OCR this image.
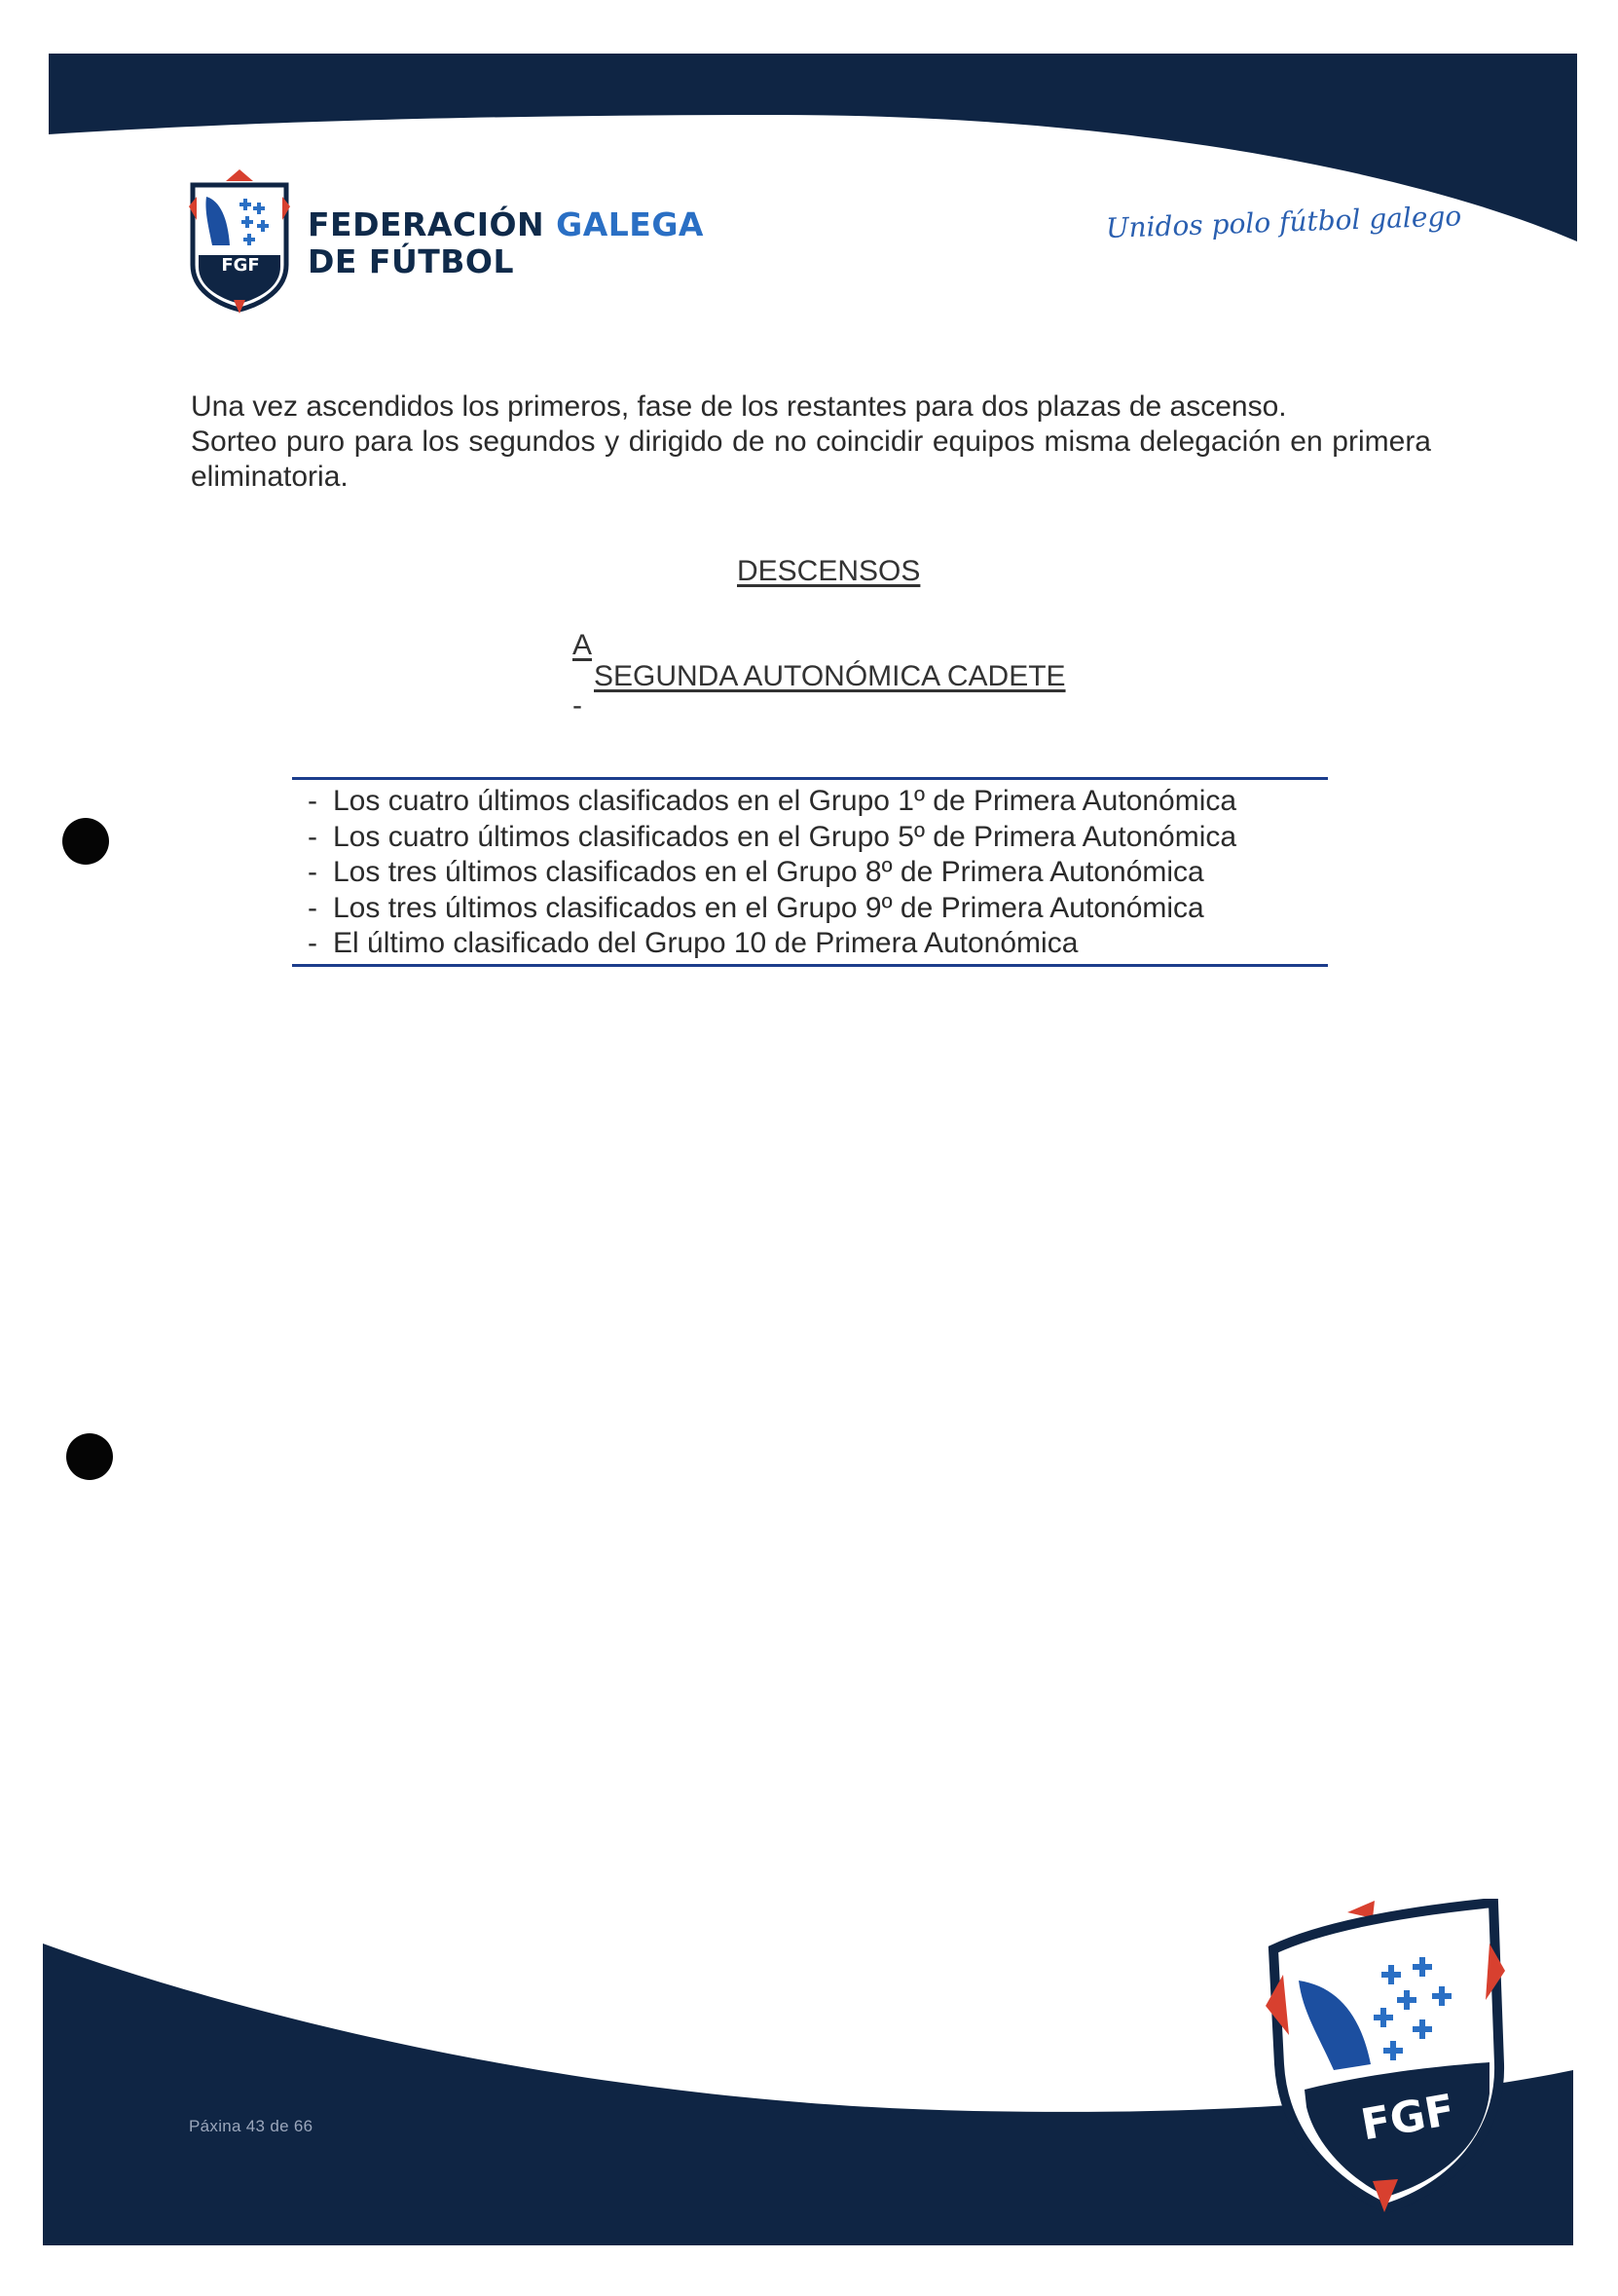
FGF
FEDERACIÓN GALEGA
DE FÚTBOL
Unidos polo fútbol galego

Una vez ascendidos los primeros, fase de los restantes para dos plazas de ascenso.

Sorteo puro para los segundos y dirigido de no coincidir equipos misma delegación en primera eliminatoria.

DESCENSOS
A
SEGUNDA AUTONÓMICA CADETE
-
- Los cuatro últimos clasificados en el Grupo 1º de Primera Autonómica
- Los cuatro últimos clasificados en el Grupo 5º de Primera Autonómica
- Los tres últimos clasificados en el Grupo 8º de Primera Autonómica
- Los tres últimos clasificados en el Grupo 9º de Primera Autonómica
- El último clasificado del Grupo 10 de Primera Autonómica
Páxina 43 de 66	FGF
